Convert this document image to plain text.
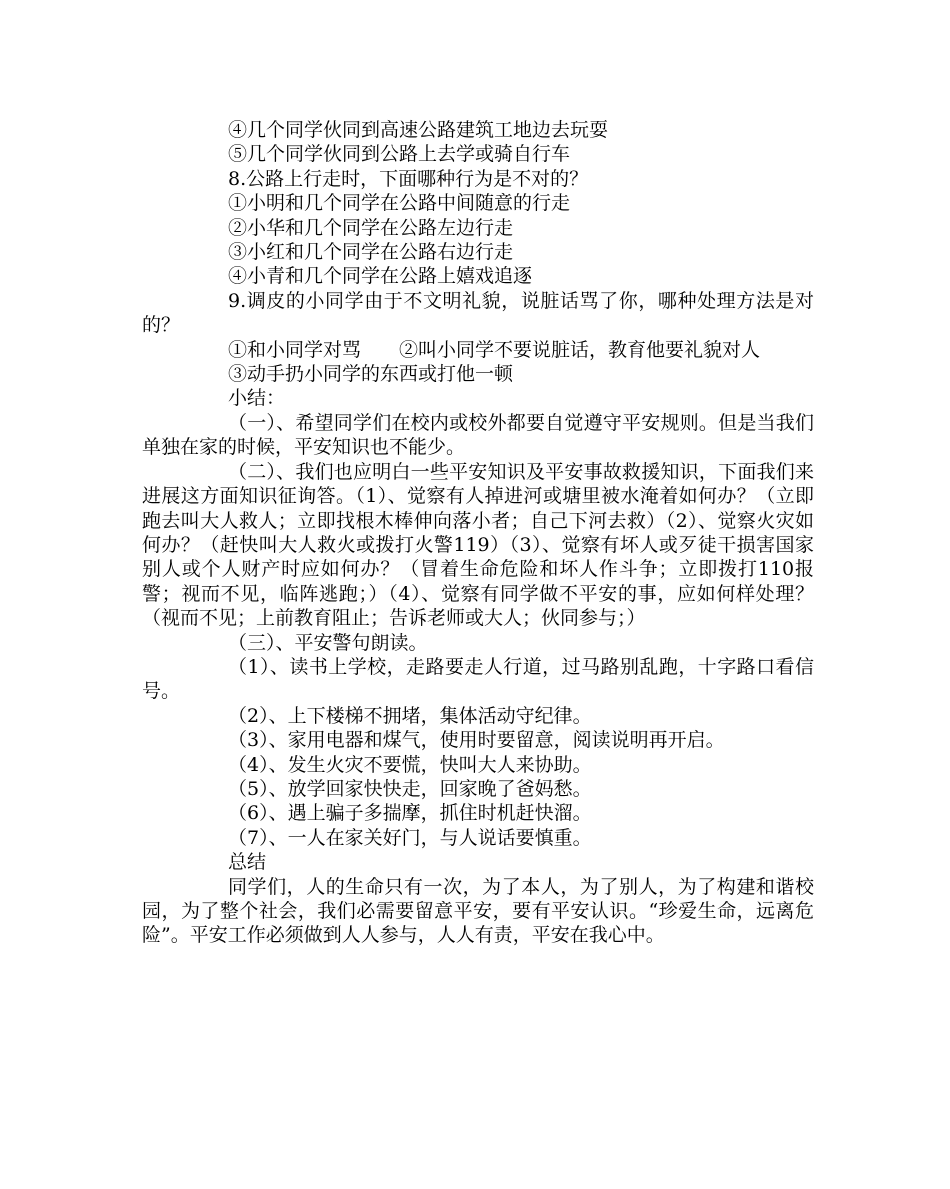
④几个同学伙同到高速公路建筑工地边去玩耍

⑤几个同学伙同到公路上去学或骑自行车

8.公路上行走时，下面哪种行为是不对的？

①小明和几个同学在公路中间随意的行走

②小华和几个同学在公路左边行走

③小红和几个同学在公路右边行走

④小青和几个同学在公路上嬉戏追逐

9.调皮的小同学由于不文明礼貌，说脏话骂了你，哪种处理方法是对的？

①和小同学对骂　　②叫小同学不要说脏话，教育他要礼貌对人

③动手扔小同学的东西或打他一顿

小结：

（一）、希望同学们在校内或校外都要自觉遵守平安规则。但是当我们单独在家的时候，平安知识也不能少。

（二）、我们也应明白一些平安知识及平安事故救援知识，下面我们来进展这方面知识征询答。（1）、觉察有人掉进河或塘里被水淹着如何办？（立即跑去叫大人救人；立即找根木棒伸向落小者；自己下河去救）（2）、觉察火灾如何办？（赶快叫大人救火或拨打火警119）（3）、觉察有坏人或歹徒干损害国家别人或个人财产时应如何办？（冒着生命危险和坏人作斗争；立即拨打110报警；视而不见，临阵逃跑；）（4）、觉察有同学做不平安的事，应如何样处理？（视而不见；上前教育阻止；告诉老师或大人；伙同参与；）

（三）、平安警句朗读。

（1）、读书上学校，走路要走人行道，过马路别乱跑，十字路口看信号。

（2）、上下楼梯不拥堵，集体活动守纪律。

（3）、家用电器和煤气，使用时要留意，阅读说明再开启。

（4）、发生火灾不要慌，快叫大人来协助。

（5）、放学回家快快走，回家晚了爸妈愁。

（6）、遇上骗子多揣摩，抓住时机赶快溜。

（7）、一人在家关好门，与人说话要慎重。

总结

同学们，人的生命只有一次，为了本人，为了别人，为了构建和谐校园，为了整个社会，我们必需要留意平安，要有平安认识。“珍爱生命，远离危险”。平安工作必须做到人人参与，人人有责，平安在我心中。
